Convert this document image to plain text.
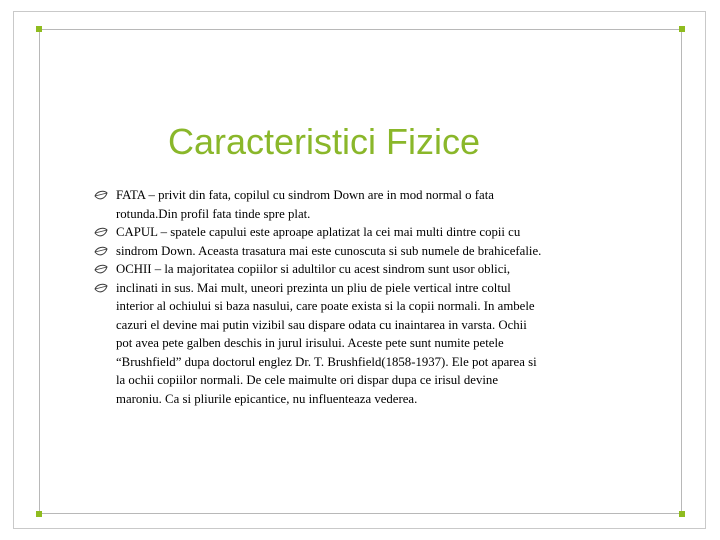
Caracteristici Fizice

FATA – privit din fata, copilul cu sindrom Down are in mod normal o fata
rotunda.Din profil fata tinde spre plat.
CAPUL – spatele capului este aproape aplatizat la cei mai multi dintre copii cu
sindrom Down. Aceasta trasatura mai este cunoscuta si sub numele de brahicefalie.
OCHII – la majoritatea copiilor si adultilor cu acest sindrom sunt usor oblici,
inclinati in sus. Mai mult, uneori prezinta un pliu de piele vertical intre coltul
interior al ochiului si baza nasului, care poate exista si la copii normali. In ambele
cazuri el devine mai putin vizibil sau dispare odata cu inaintarea in varsta. Ochii
pot avea pete galben deschis in jurul irisului. Aceste pete sunt numite petele
“Brushfield” dupa doctorul englez Dr. T. Brushfield(1858-1937). Ele pot aparea si
la ochii copiilor normali. De cele maimulte ori dispar dupa ce irisul devine
maroniu. Ca si pliurile epicantice, nu influenteaza vederea.
